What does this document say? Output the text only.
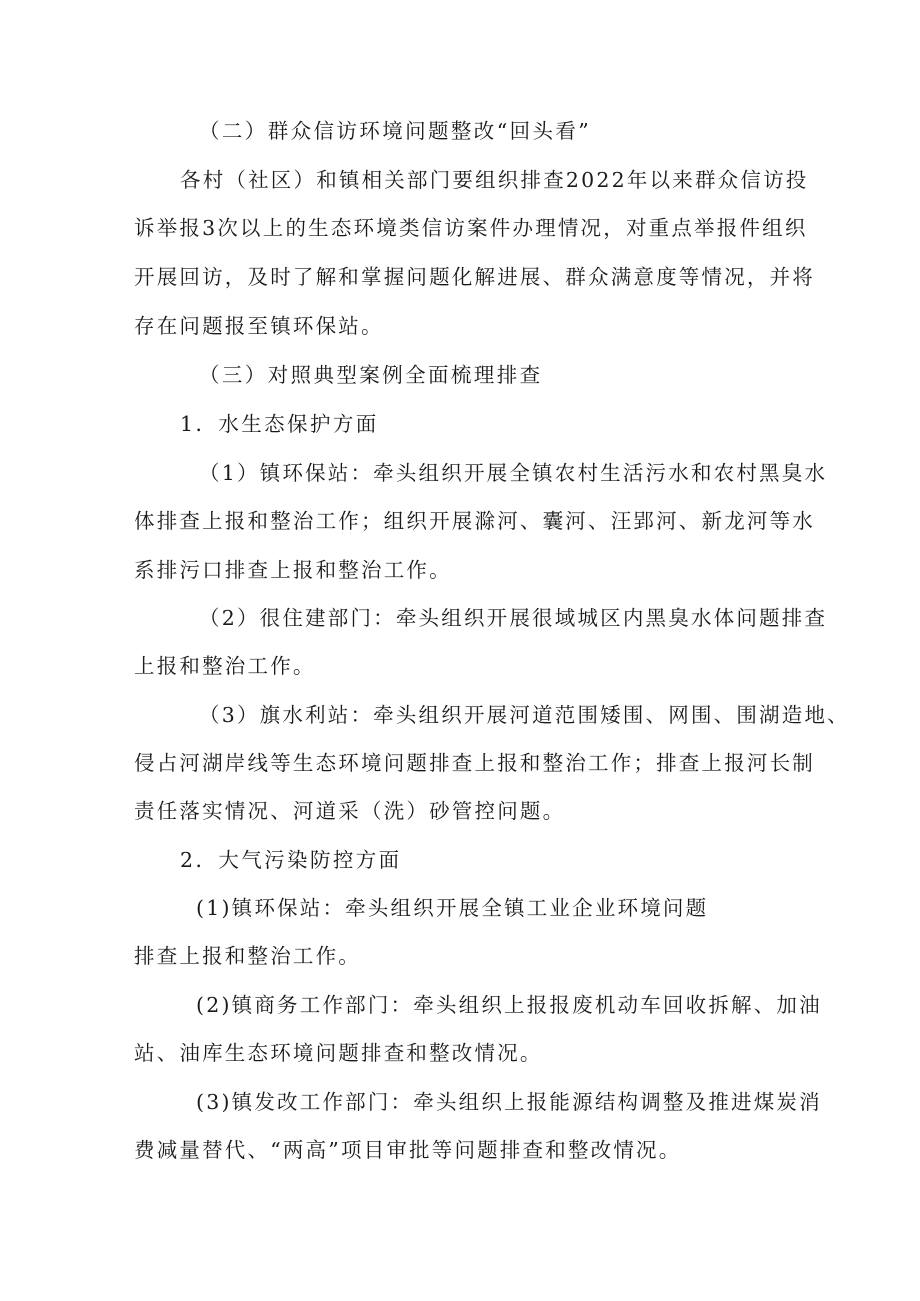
（二）群众信访环境问题整改“回头看”
各村（社区）和镇相关部门要组织排查2022年以来群众信访投
诉举报3次以上的生态环境类信访案件办理情况，对重点举报件组织
开展回访，及时了解和掌握问题化解进展、群众满意度等情况，并将
存在问题报至镇环保站。
（三）对照典型案例全面梳理排查
1．水生态保护方面
（1）镇环保站：牵头组织开展全镇农村生活污水和农村黑臭水
体排查上报和整治工作；组织开展滁河、囊河、汪郢河、新龙河等水
系排污口排查上报和整治工作。
（2）很住建部门：牵头组织开展很域城区内黑臭水体问题排查
上报和整治工作。
（3）旗水利站：牵头组织开展河道范围矮围、网围、围湖造地、
侵占河湖岸线等生态环境问题排查上报和整治工作；排查上报河长制
责任落实情况、河道采（洗）砂管控问题。
2．大气污染防控方面
(1)镇环保站：牵头组织开展全镇工业企业环境问题
排查上报和整治工作。
(2)镇商务工作部门：牵头组织上报报废机动车回收拆解、加油
站、油库生态环境问题排查和整改情况。
(3)镇发改工作部门：牵头组织上报能源结构调整及推进煤炭消
费减量替代、“两高”项目审批等问题排查和整改情况。
